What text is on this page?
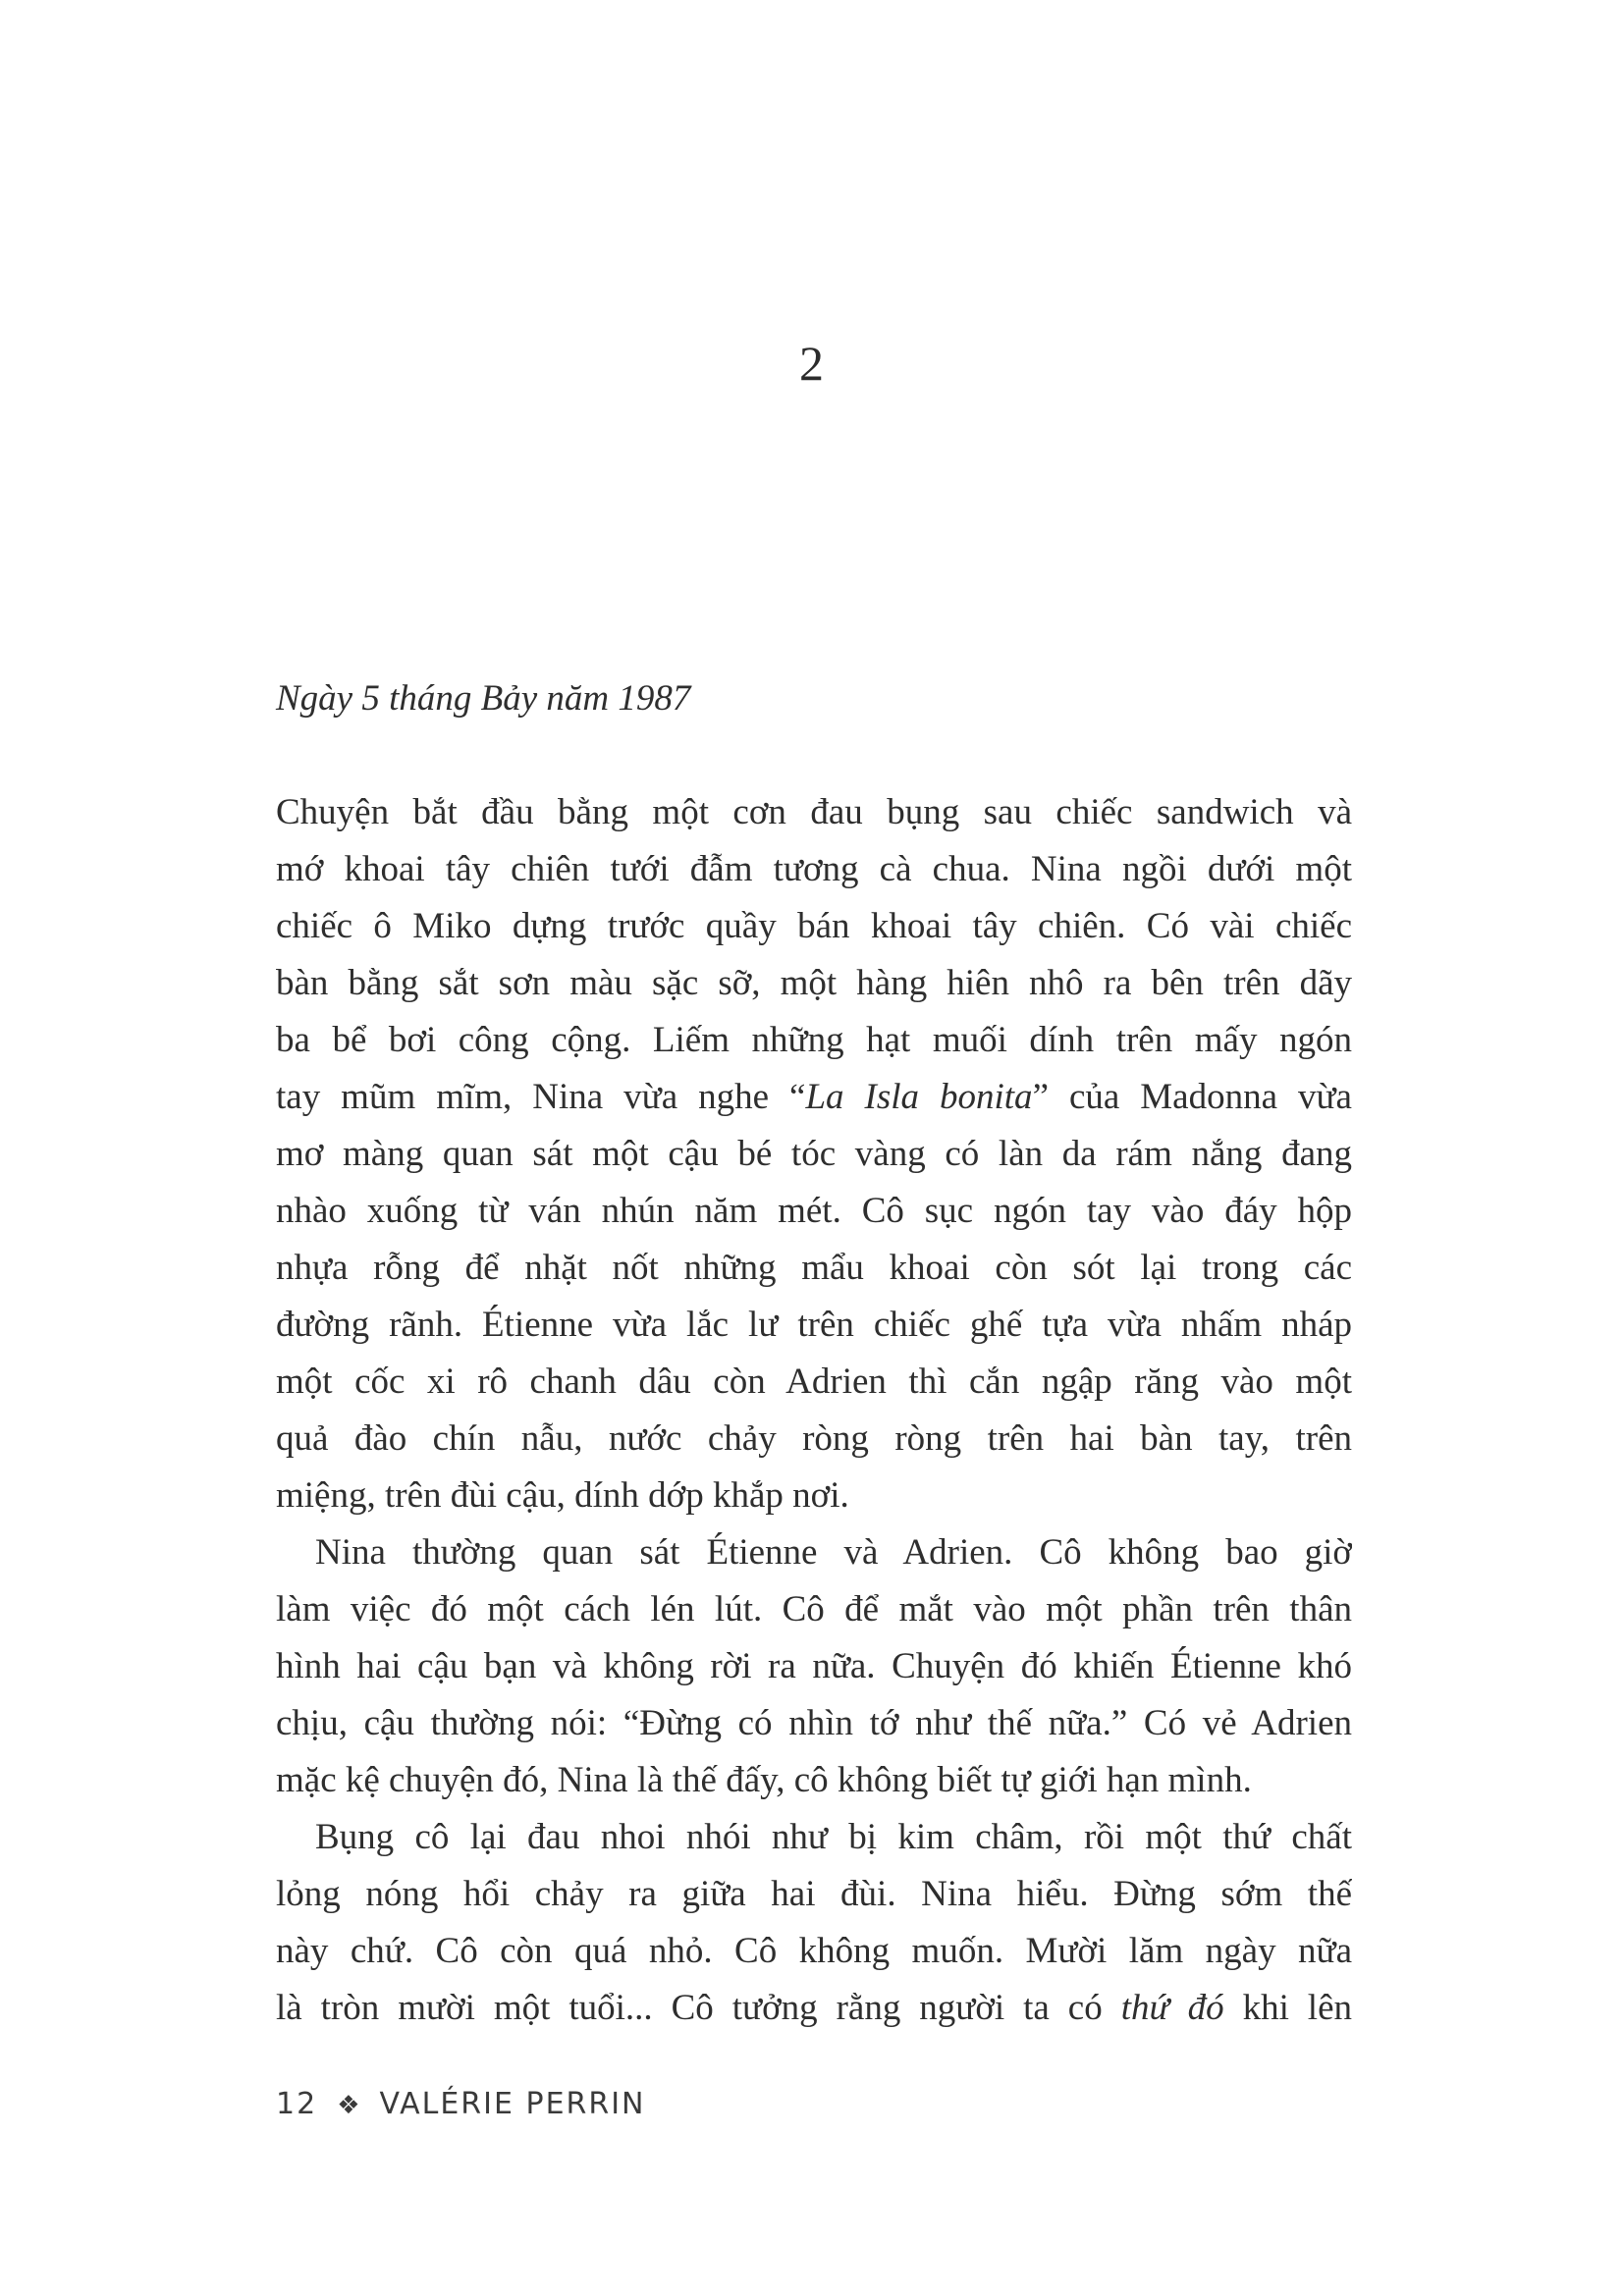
2
Ngày 5 tháng Bảy năm 1987
Chuyện bắt đầu bằng một cơn đau bụng sau chiếc sandwich và
mớ khoai tây chiên tưới đẫm tương cà chua. Nina ngồi dưới một
chiếc ô Miko dựng trước quầy bán khoai tây chiên. Có vài chiếc
bàn bằng sắt sơn màu sặc sỡ, một hàng hiên nhô ra bên trên dãy
ba bể bơi công cộng. Liếm những hạt muối dính trên mấy ngón
tay mũm mĩm, Nina vừa nghe “La Isla bonita” của Madonna vừa
mơ màng quan sát một cậu bé tóc vàng có làn da rám nắng đang
nhào xuống từ ván nhún năm mét. Cô sục ngón tay vào đáy hộp
nhựa rỗng để nhặt nốt những mẩu khoai còn sót lại trong các
đường rãnh. Étienne vừa lắc lư trên chiếc ghế tựa vừa nhấm nháp
một cốc xi rô chanh dâu còn Adrien thì cắn ngập răng vào một
quả đào chín nẫu, nước chảy ròng ròng trên hai bàn tay, trên
miệng, trên đùi cậu, dính dớp khắp nơi.
Nina thường quan sát Étienne và Adrien. Cô không bao giờ
làm việc đó một cách lén lút. Cô để mắt vào một phần trên thân
hình hai cậu bạn và không rời ra nữa. Chuyện đó khiến Étienne khó
chịu, cậu thường nói: “Đừng có nhìn tớ như thế nữa.” Có vẻ Adrien
mặc kệ chuyện đó, Nina là thế đấy, cô không biết tự giới hạn mình.
Bụng cô lại đau nhoi nhói như bị kim châm, rồi một thứ chất
lỏng nóng hổi chảy ra giữa hai đùi. Nina hiểu. Đừng sớm thế
này chứ. Cô còn quá nhỏ. Cô không muốn. Mười lăm ngày nữa
là tròn mười một tuổi... Cô tưởng rằng người ta có thứ đó khi lên
12 ❖ VALÉRIE PERRIN
